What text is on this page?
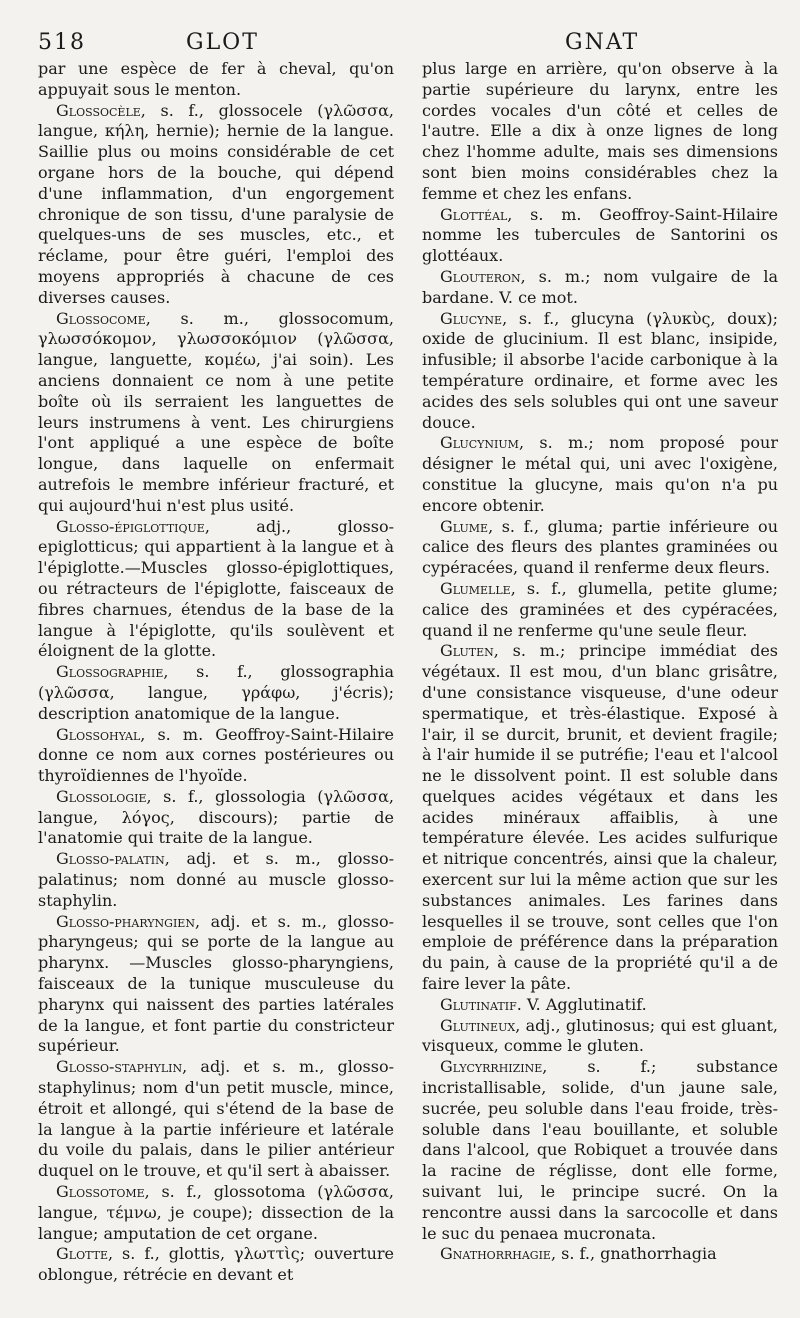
518	GLOT	GNAT

par une espèce de fer à cheval, qu'on appuyait sous le menton.

Glossocèle, s. f., glossocele (γλῶσσα, langue, κήλη, hernie); hernie de la langue. Saillie plus ou moins considérable de cet organe hors de la bouche, qui dépend d'une inflammation, d'un engorgement chronique de son tissu, d'une paralysie de quelques-uns de ses muscles, etc., et réclame, pour être guéri, l'emploi des moyens appropriés à chacune de ces diverses causes.

Glossocome, s. m., glossocomum, γλωσσόκομον, γλωσσοκόμιον (γλῶσσα, langue, languette, κομέω, j'ai soin). Les anciens donnaient ce nom à une petite boîte où ils serraient les languettes de leurs instrumens à vent. Les chirurgiens l'ont appliqué a une espèce de boîte longue, dans laquelle on enfermait autrefois le membre inférieur fracturé, et qui aujourd'hui n'est plus usité.

Glosso-épiglottique, adj., glosso-epiglotticus; qui appartient à la langue et à l'épiglotte.—Muscles glosso-épiglottiques, ou rétracteurs de l'épiglotte, faisceaux de fibres charnues, étendus de la base de la langue à l'épiglotte, qu'ils soulèvent et éloignent de la glotte.

Glossographie, s. f., glossographia (γλῶσσα, langue, γράφω, j'écris); description anatomique de la langue.

Glossohyal, s. m. Geoffroy-Saint-Hilaire donne ce nom aux cornes postérieures ou thyroïdiennes de l'hyoïde.

Glossologie, s. f., glossologia (γλῶσσα, langue, λόγος, discours); partie de l'anatomie qui traite de la langue.

Glosso-palatin, adj. et s. m., glosso-palatinus; nom donné au muscle glosso-staphylin.

Glosso-pharyngien, adj. et s. m., glosso-pharyngeus; qui se porte de la langue au pharynx. —Muscles glosso-pharyngiens, faisceaux de la tunique musculeuse du pharynx qui naissent des parties latérales de la langue, et font partie du constricteur supérieur.

Glosso-staphylin, adj. et s. m., glosso-staphylinus; nom d'un petit muscle, mince, étroit et allongé, qui s'étend de la base de la langue à la partie inférieure et latérale du voile du palais, dans le pilier antérieur duquel on le trouve, et qu'il sert à abaisser.

Glossotome, s. f., glossotoma (γλῶσσα, langue, τέμνω, je coupe); dissection de la langue; amputation de cet organe.

Glotte, s. f., glottis, γλωττὶς; ouverture oblongue, rétrécie en devant et

plus large en arrière, qu'on observe à la partie supérieure du larynx, entre les cordes vocales d'un côté et celles de l'autre. Elle a dix à onze lignes de long chez l'homme adulte, mais ses dimensions sont bien moins considérables chez la femme et chez les enfans.

Glottéal, s. m. Geoffroy-Saint-Hilaire nomme les tubercules de Santorini os glottéaux.

Glouteron, s. m.; nom vulgaire de la bardane. V. ce mot.

Glucyne, s. f., glucyna (γλυκὺς, doux); oxide de glucinium. Il est blanc, insipide, infusible; il absorbe l'acide carbonique à la température ordinaire, et forme avec les acides des sels solubles qui ont une saveur douce.

Glucynium, s. m.; nom proposé pour désigner le métal qui, uni avec l'oxigène, constitue la glucyne, mais qu'on n'a pu encore obtenir.

Glume, s. f., gluma; partie inférieure ou calice des fleurs des plantes graminées ou cypéracées, quand il renferme deux fleurs.

Glumelle, s. f., glumella, petite glume; calice des graminées et des cypéracées, quand il ne renferme qu'une seule fleur.

Gluten, s. m.; principe immédiat des végétaux. Il est mou, d'un blanc grisâtre, d'une consistance visqueuse, d'une odeur spermatique, et très-élastique. Exposé à l'air, il se durcit, brunit, et devient fragile; à l'air humide il se putréfie; l'eau et l'alcool ne le dissolvent point. Il est soluble dans quelques acides végétaux et dans les acides minéraux affaiblis, à une température élevée. Les acides sulfurique et nitrique concentrés, ainsi que la chaleur, exercent sur lui la même action que sur les substances animales. Les farines dans lesquelles il se trouve, sont celles que l'on emploie de préférence dans la préparation du pain, à cause de la propriété qu'il a de faire lever la pâte.

Glutinatif. V. Agglutinatif.

Glutineux, adj., glutinosus; qui est gluant, visqueux, comme le gluten.

Glycyrrhizine, s. f.; substance incristallisable, solide, d'un jaune sale, sucrée, peu soluble dans l'eau froide, très-soluble dans l'eau bouillante, et soluble dans l'alcool, que Robiquet a trouvée dans la racine de réglisse, dont elle forme, suivant lui, le principe sucré. On la rencontre aussi dans la sarcocolle et dans le suc du penaea mucronata.

Gnathorrhagie, s. f., gnathorrhagia
